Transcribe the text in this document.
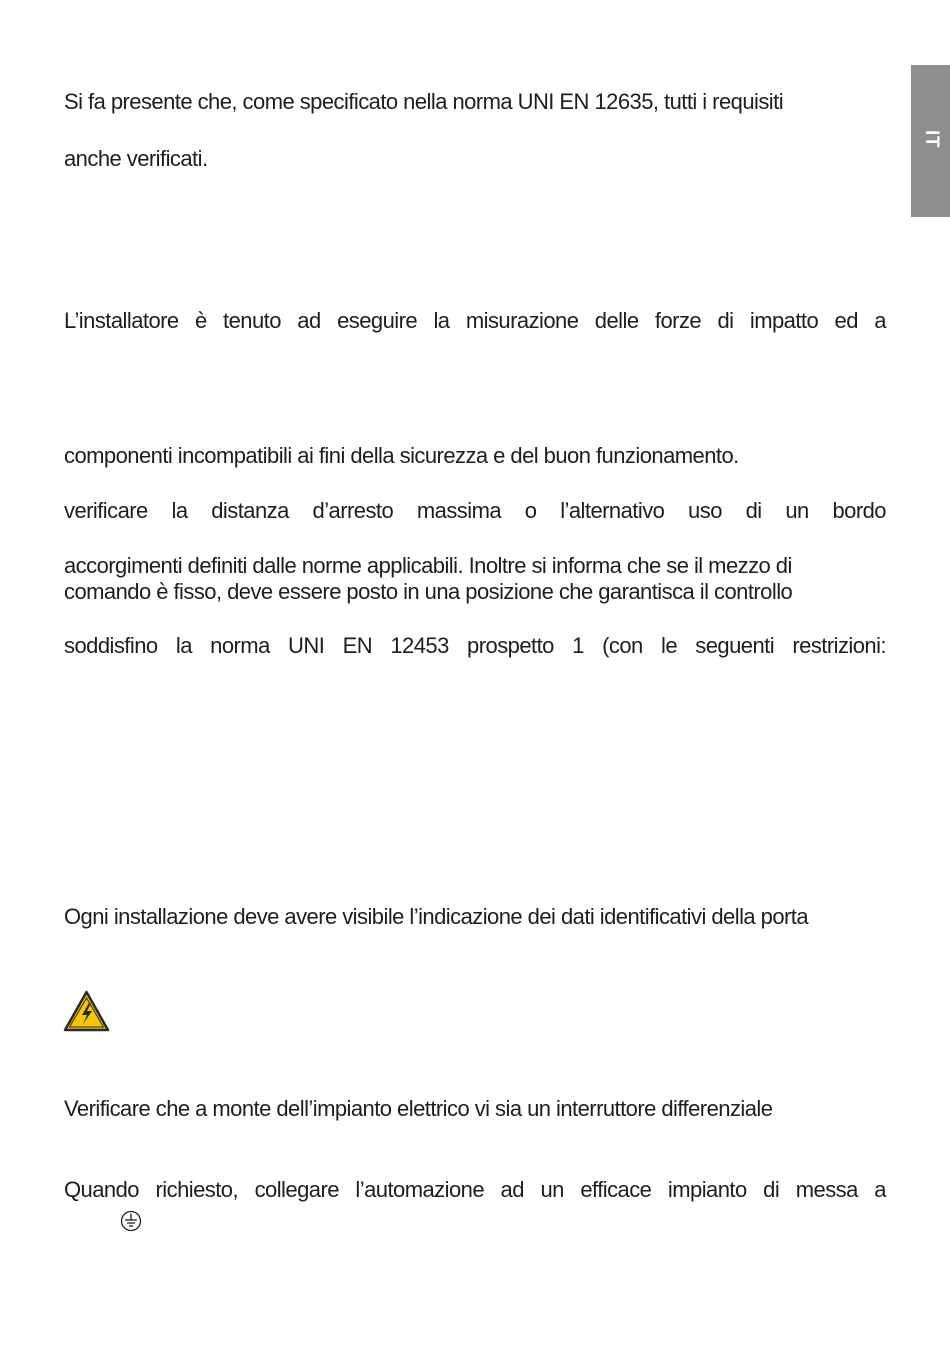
IT
Si fa presente che, come specificato nella norma UNI EN 12635, tutti i requisiti
anche verificati.
L’installatore è tenuto ad eseguire la misurazione delle forze di impatto ed a
componenti incompatibili ai fini della sicurezza e del buon funzionamento.
verificare la distanza d’arresto massima o l’alternativo uso di un bordo
accorgimenti definiti dalle norme applicabili. Inoltre si informa che se il mezzo di
comando è fisso, deve essere posto in una posizione che garantisca il controllo
soddisfino la norma UNI EN 12453 prospetto 1 (con le seguenti restrizioni:
Ogni installazione deve avere visibile l’indicazione dei dati identificativi della porta
Verificare che a monte dell’impianto elettrico vi sia un interruttore differenziale
Quando richiesto, collegare l’automazione ad un efficace impianto di messa a
